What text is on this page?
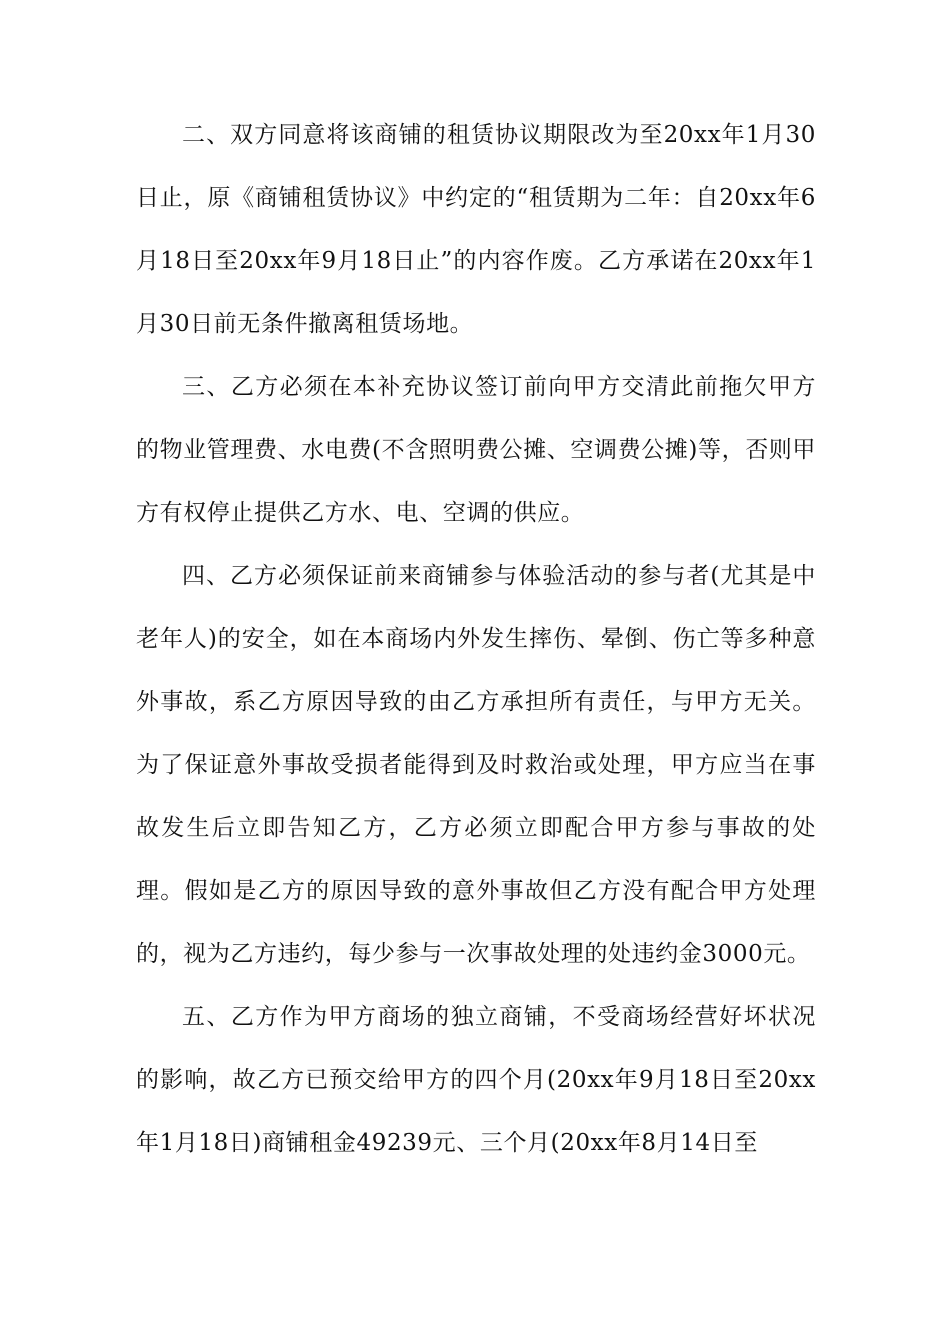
二、双方同意将该商铺的租赁协议期限改为至20xx年1月30日止，原《商铺租赁协议》中约定的“租赁期为二年：自20xx年6月18日至20xx年9月18日止”的内容作废。乙方承诺在20xx年1月30日前无条件撤离租赁场地。

三、乙方必须在本补充协议签订前向甲方交清此前拖欠甲方的物业管理费、水电费(不含照明费公摊、空调费公摊)等，否则甲方有权停止提供乙方水、电、空调的供应。

四、乙方必须保证前来商铺参与体验活动的参与者(尤其是中老年人)的安全，如在本商场内外发生摔伤、晕倒、伤亡等多种意外事故，系乙方原因导致的由乙方承担所有责任，与甲方无关。为了保证意外事故受损者能得到及时救治或处理，甲方应当在事故发生后立即告知乙方，乙方必须立即配合甲方参与事故的处理。假如是乙方的原因导致的意外事故但乙方没有配合甲方处理的，视为乙方违约，每少参与一次事故处理的处违约金3000元。

五、乙方作为甲方商场的独立商铺，不受商场经营好坏状况的影响，故乙方已预交给甲方的四个月(20xx年9月18日至20xx年1月18日)商铺租金49239元、三个月(20xx年8月14日至
